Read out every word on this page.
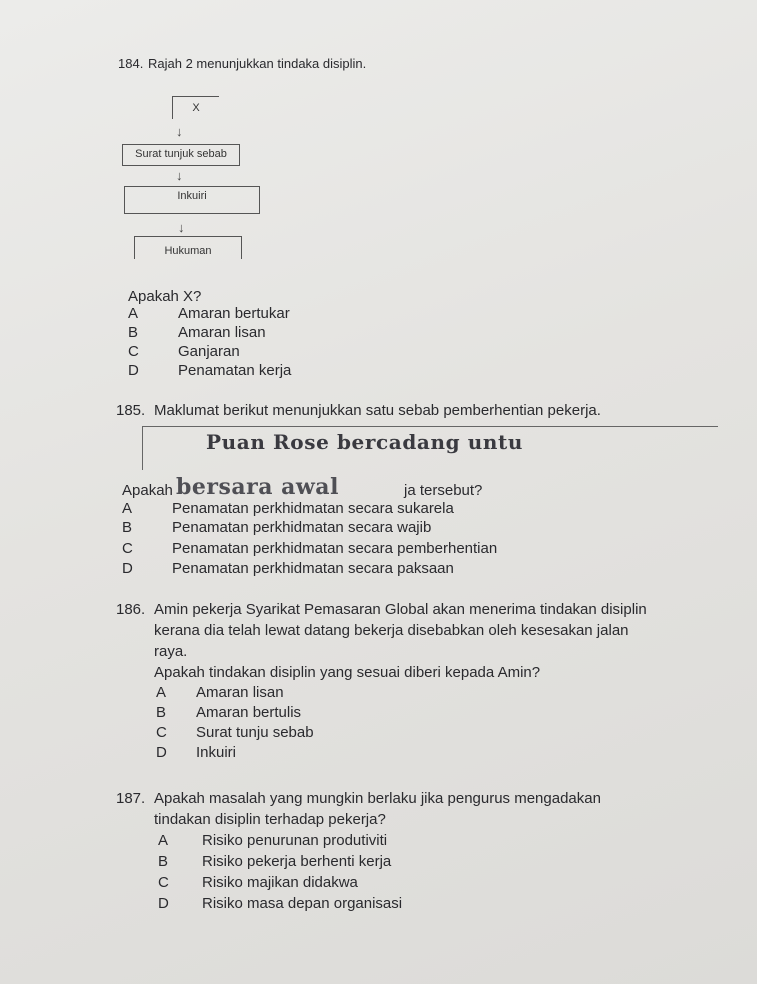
184. Rajah 2 menunjukkan tindaka disiplin.
X
↓
Surat tunjuk sebab
↓
Inkuiri
↓
Hukuman
Apakah X?
A	Amaran bertukar
B	Amaran lisan
C	Ganjaran
D	Penamatan kerja
185. Maklumat berikut menunjukkan satu sebab pemberhentian pekerja.
Puan Rose bercadang untu
Apakah bersara awal	ja tersebut?
A	Penamatan perkhidmatan secara sukarela
B	Penamatan perkhidmatan secara wajib
C	Penamatan perkhidmatan secara pemberhentian
D	Penamatan perkhidmatan secara paksaan
186. Amin pekerja Syarikat Pemasaran Global akan menerima tindakan disiplin
kerana dia telah lewat datang bekerja disebabkan oleh kesesakan jalan
raya.
Apakah tindakan disiplin yang sesuai diberi kepada Amin?
A Amaran lisan
B Amaran bertulis
C Surat tunju sebab
D Inkuiri
187. Apakah masalah yang mungkin berlaku jika pengurus mengadakan
tindakan disiplin terhadap pekerja?
A Risiko penurunan produtiviti
B Risiko pekerja berhenti kerja
C Risiko majikan didakwa
D Risiko masa depan organisasi
